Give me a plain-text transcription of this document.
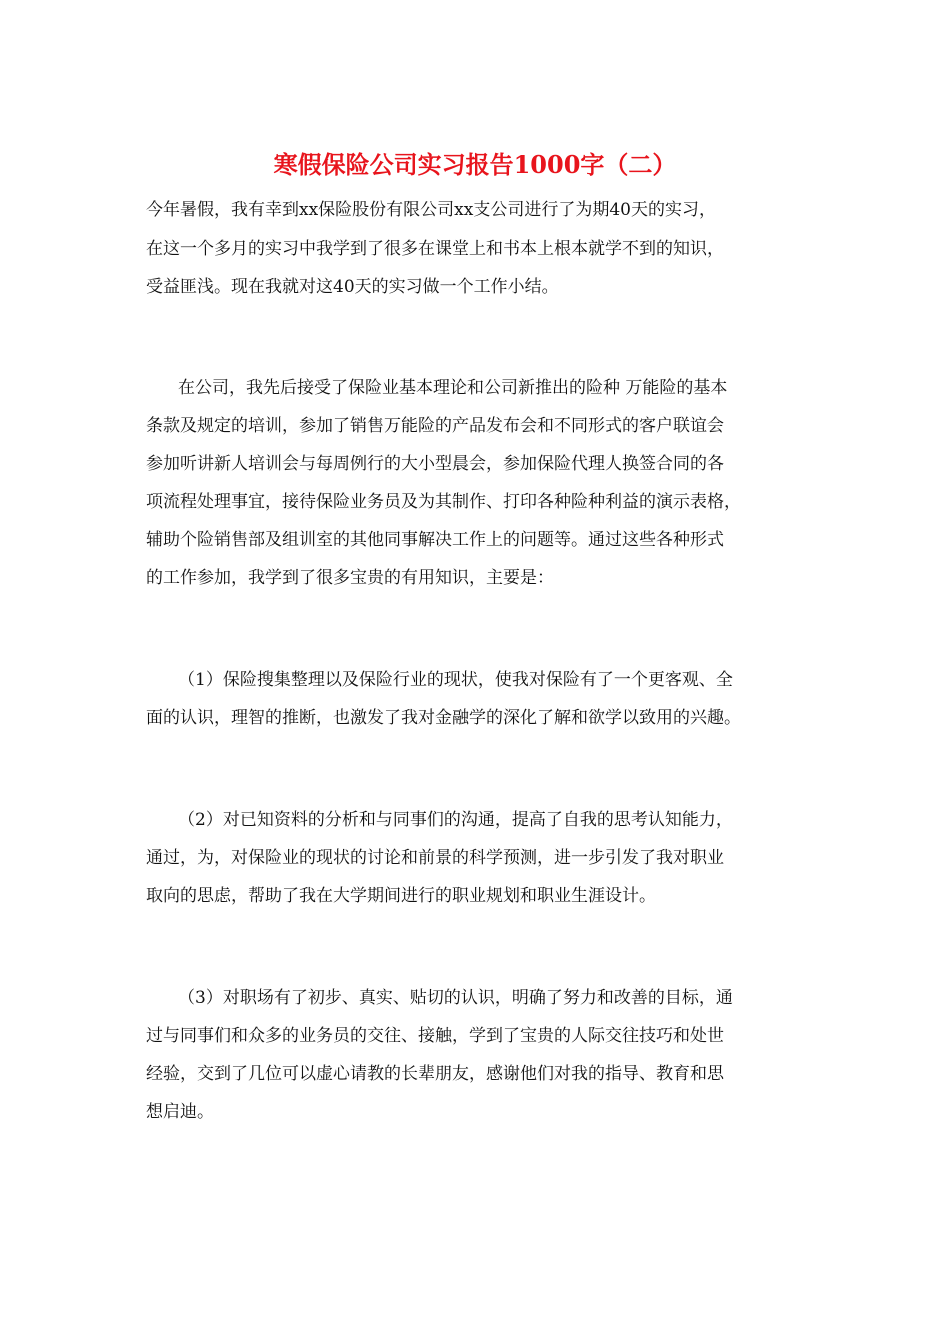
寒假保险公司实习报告1000字（二）

今年暑假，我有幸到xx保险股份有限公司xx支公司进行了为期40天的实习，

在这一个多月的实习中我学到了很多在课堂上和书本上根本就学不到的知识，

受益匪浅。现在我就对这40天的实习做一个工作小结。

在公司，我先后接受了保险业基本理论和公司新推出的险种 万能险的基本

条款及规定的培训，参加了销售万能险的产品发布会和不同形式的客户联谊会

参加听讲新人培训会与每周例行的大小型晨会，参加保险代理人换签合同的各

项流程处理事宜，接待保险业务员及为其制作、打印各种险种利益的演示表格，

辅助个险销售部及组训室的其他同事解决工作上的问题等。通过这些各种形式

的工作参加，我学到了很多宝贵的有用知识，主要是：

（1）保险搜集整理以及保险行业的现状，使我对保险有了一个更客观、全

面的认识，理智的推断，也激发了我对金融学的深化了解和欲学以致用的兴趣。

（2）对已知资料的分析和与同事们的沟通，提高了自我的思考认知能力，

通过，为，对保险业的现状的讨论和前景的科学预测，进一步引发了我对职业

取向的思虑，帮助了我在大学期间进行的职业规划和职业生涯设计。

（3）对职场有了初步、真实、贴切的认识，明确了努力和改善的目标，通

过与同事们和众多的业务员的交往、接触，学到了宝贵的人际交往技巧和处世

经验，交到了几位可以虚心请教的长辈朋友，感谢他们对我的指导、教育和思

想启迪。
